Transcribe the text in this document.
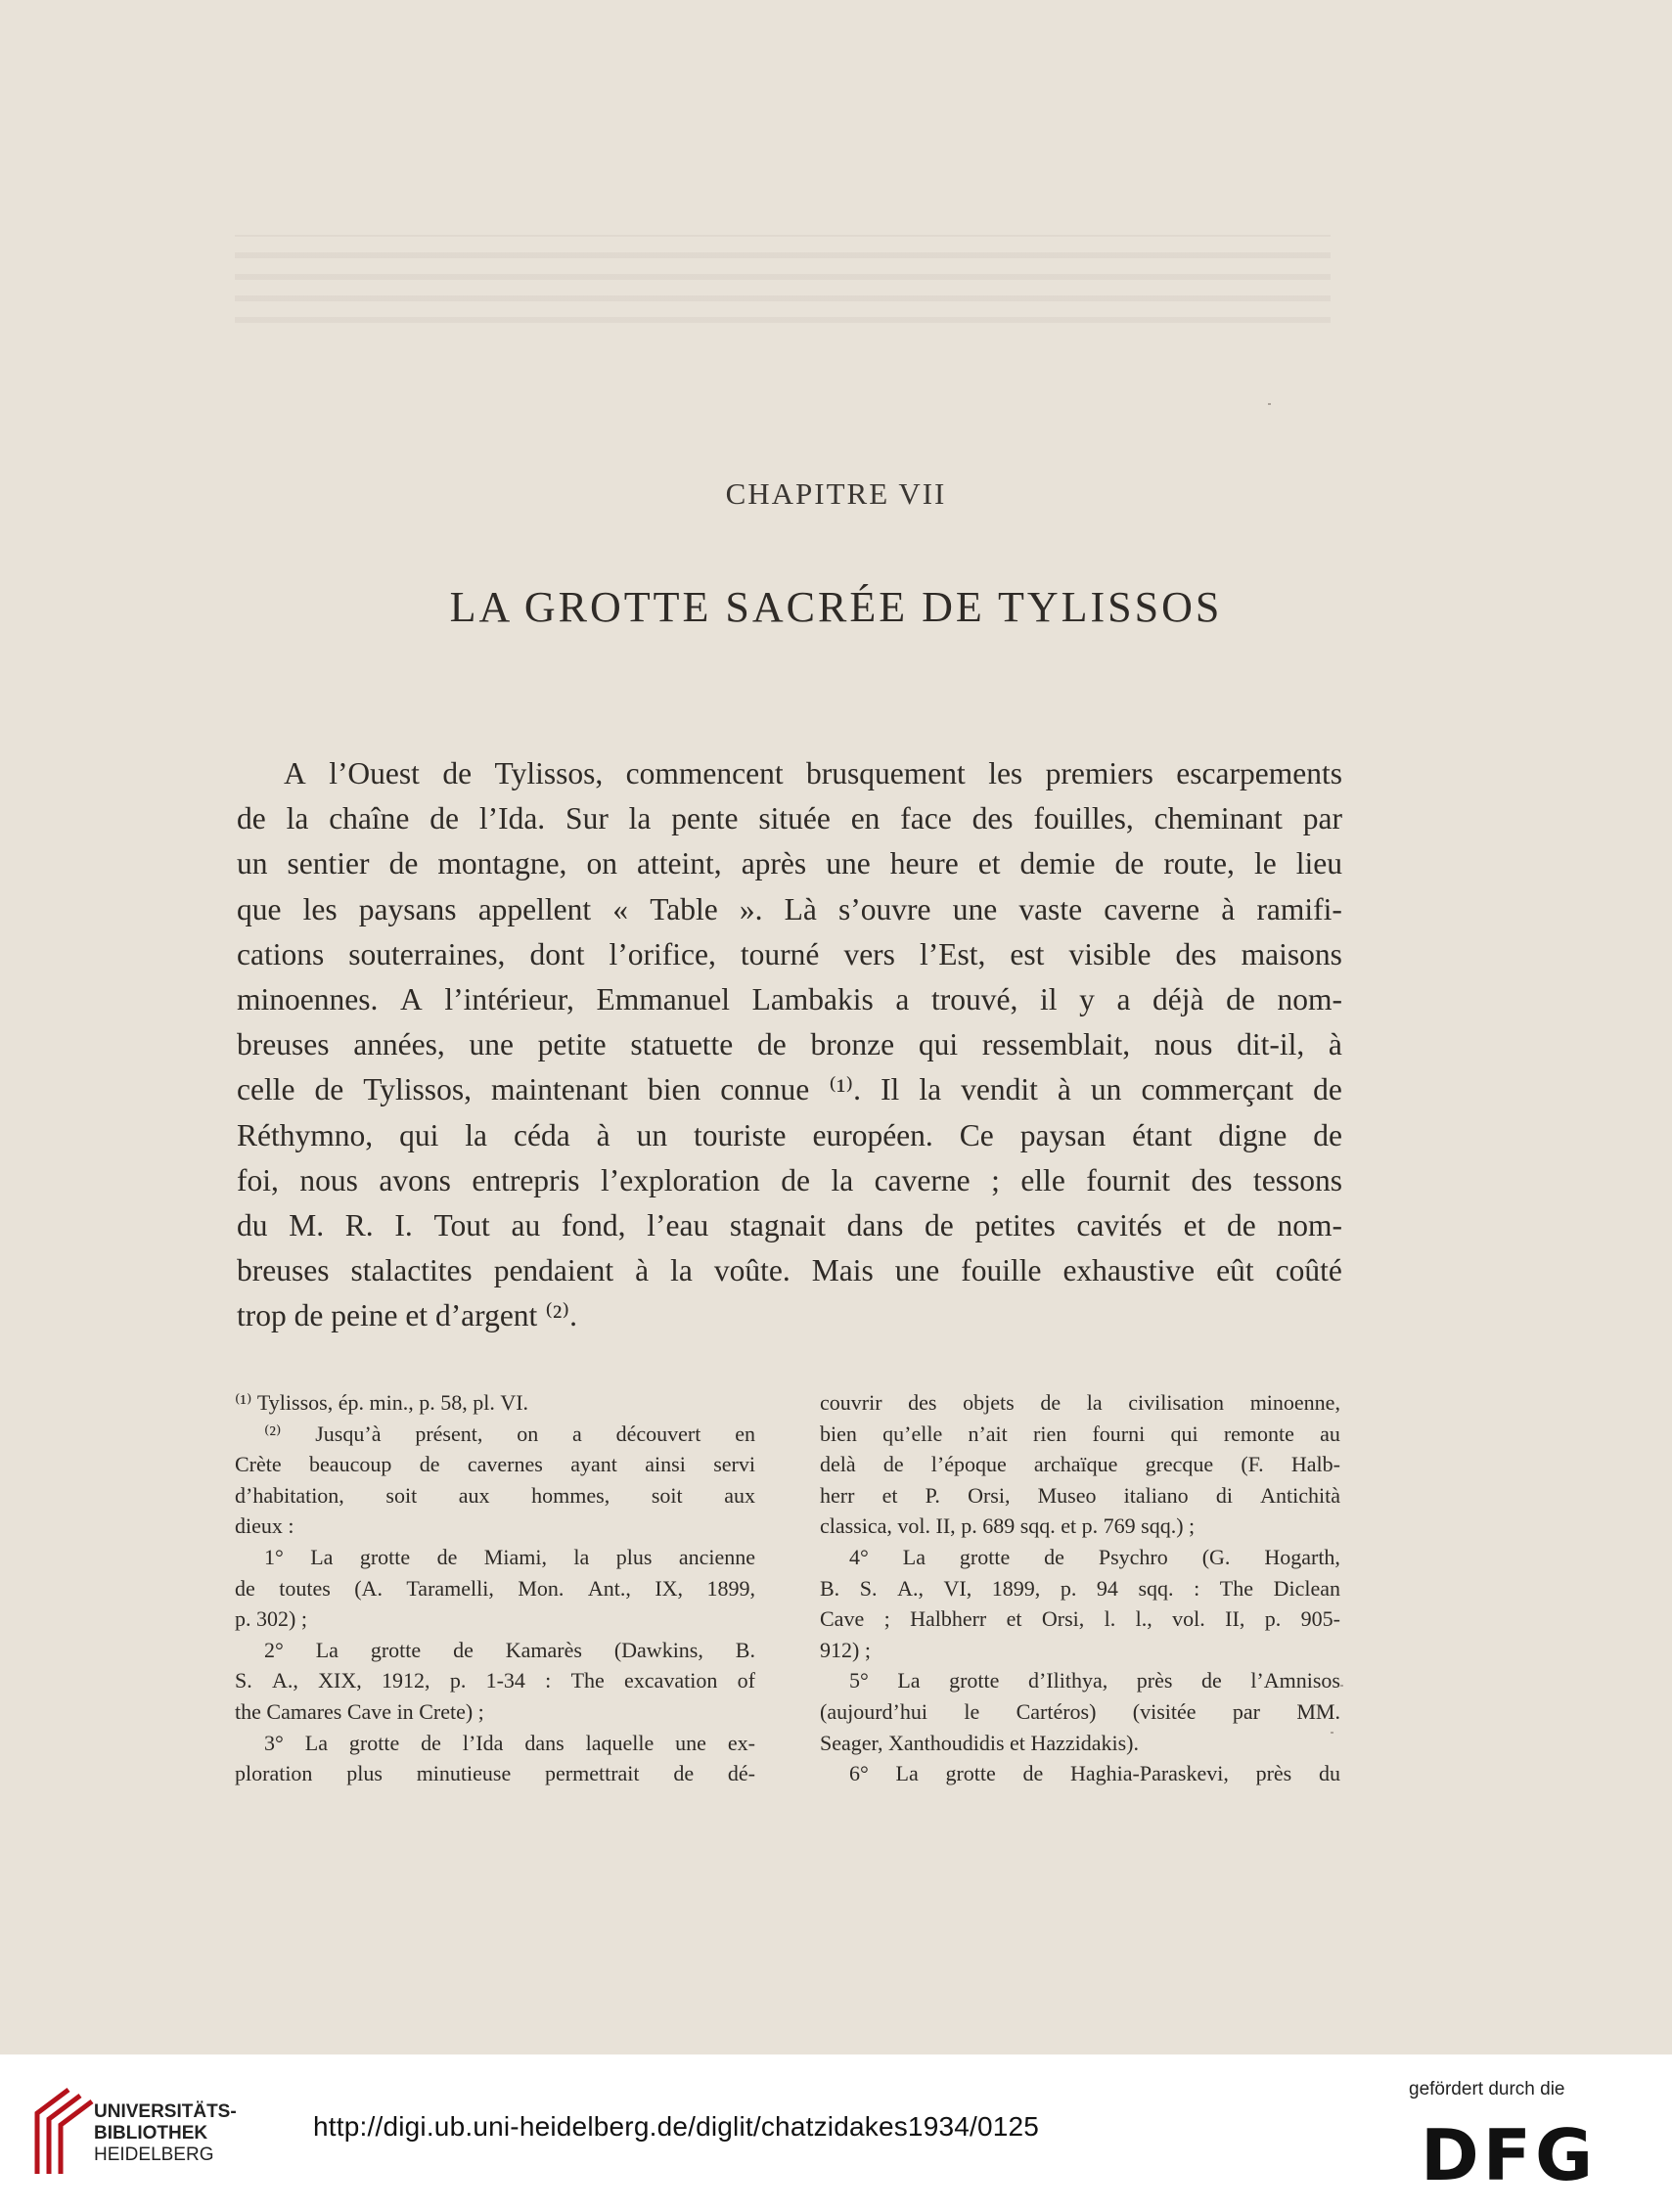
CHAPITRE VII
LA GROTTE SACRÉE DE TYLISSOS
A l’Ouest de Tylissos, commencent brusquement les premiers escarpements
de la chaîne de l’Ida. Sur la pente située en face des fouilles, cheminant par
un sentier de montagne, on atteint, après une heure et demie de route, le lieu
que les paysans appellent « Table ». Là s’ouvre une vaste caverne à ramifi-
cations souterraines, dont l’orifice, tourné vers l’Est, est visible des maisons
minoennes. A l’intérieur, Emmanuel Lambakis a trouvé, il y a déjà de nom-
breuses années, une petite statuette de bronze qui ressemblait, nous dit-il, à
celle de Tylissos, maintenant bien connue ⁽¹⁾. Il la vendit à un commerçant de
Réthymno, qui la céda à un touriste européen. Ce paysan étant digne de
foi, nous avons entrepris l’exploration de la caverne ; elle fournit des tessons
du M. R. I. Tout au fond, l’eau stagnait dans de petites cavités et de nom-
breuses stalactites pendaient à la voûte. Mais une fouille exhaustive eût coûté
trop de peine et d’argent ⁽²⁾.
⁽¹⁾ Tylissos, ép. min., p. 58, pl. VI.
⁽²⁾ Jusqu’à présent, on a découvert en
Crète beaucoup de cavernes ayant ainsi servi
d’habitation, soit aux hommes, soit aux
dieux :
1° La grotte de Miami, la plus ancienne
de toutes (A. Taramelli, Mon. Ant., IX, 1899,
p. 302) ;
2° La grotte de Kamarès (Dawkins, B.
S. A., XIX, 1912, p. 1-34 : The excavation of
the Camares Cave in Crete) ;
3° La grotte de l’Ida dans laquelle une ex-
ploration plus minutieuse permettrait de dé-
couvrir des objets de la civilisation minoenne,
bien qu’elle n’ait rien fourni qui remonte au
delà de l’époque archaïque grecque (F. Halb-
herr et P. Orsi, Museo italiano di Antichità
classica, vol. II, p. 689 sqq. et p. 769 sqq.) ;
4° La grotte de Psychro (G. Hogarth,
B. S. A., VI, 1899, p. 94 sqq. : The Diclean
Cave ; Halbherr et Orsi, l. l., vol. II, p. 905-
912) ;
5° La grotte d’Ilithya, près de l’Amnisos
(aujourd’hui le Cartéros) (visitée par MM.
Seager, Xanthoudidis et Hazzidakis).
6° La grotte de Haghia-Paraskevi, près du
UNIVERSITÄTS-
BIBLIOTHEK
HEIDELBERG
http://digi.ub.uni-heidelberg.de/diglit/chatzidakes1934/0125
gefördert durch die
DFG
